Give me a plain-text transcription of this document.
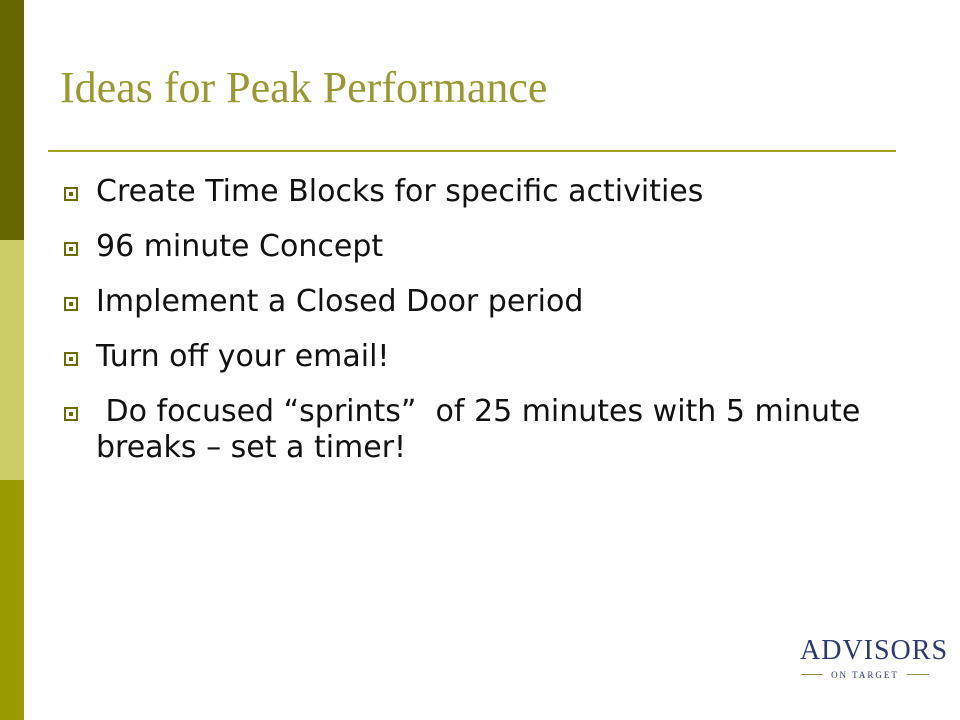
Ideas for Peak Performance
Create Time Blocks for specific activities
96 minute Concept
Implement a Closed Door period
Turn off your email!
Do focused “sprints”  of 25 minutes with 5 minute breaks – set a timer!
ADVISORS
ON TARGET
